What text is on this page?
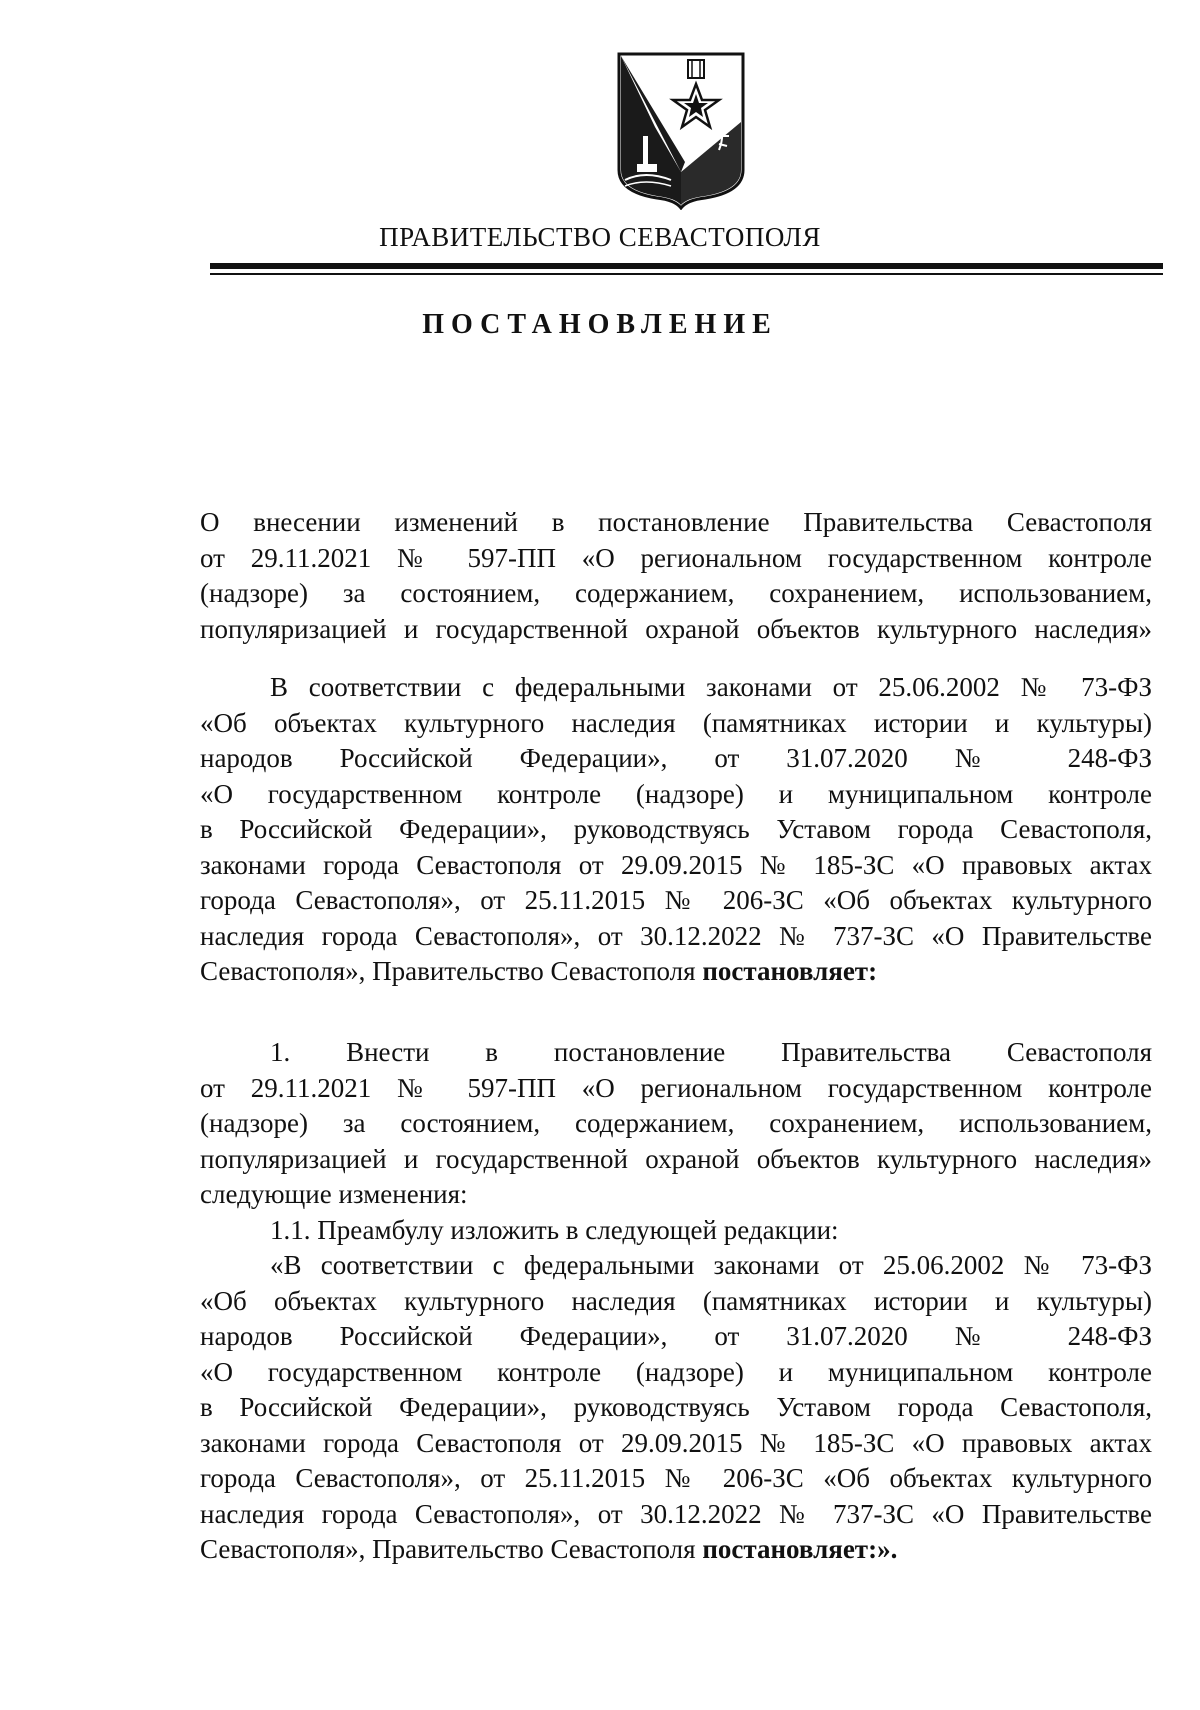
ПРАВИТЕЛЬСТВО СЕВАСТОПОЛЯ
ПОСТАНОВЛЕНИЕ
О внесении изменений в постановление Правительства Севастополя
от 29.11.2021 № 597-ПП «О региональном государственном контроле
(надзоре) за состоянием, содержанием, сохранением, использованием,
популяризацией и государственной охраной объектов культурного наследия»
В соответствии с федеральными законами от 25.06.2002 № 73-ФЗ
«Об объектах культурного наследия (памятниках истории и культуры)
народов Российской Федерации», от 31.07.2020 № 248-ФЗ
«О государственном контроле (надзоре) и муниципальном контроле
в Российской Федерации», руководствуясь Уставом города Севастополя,
законами города Севастополя от 29.09.2015 № 185-ЗС «О правовых актах
города Севастополя», от 25.11.2015 № 206-ЗС «Об объектах культурного
наследия города Севастополя», от 30.12.2022 № 737-ЗС «О Правительстве
Севастополя», Правительство Севастополя постановляет:
1. Внести в постановление Правительства Севастополя
от 29.11.2021 № 597-ПП «О региональном государственном контроле
(надзоре) за состоянием, содержанием, сохранением, использованием,
популяризацией и государственной охраной объектов культурного наследия»
следующие изменения:
1.1. Преамбулу изложить в следующей редакции:
«В соответствии с федеральными законами от 25.06.2002 № 73-ФЗ
«Об объектах культурного наследия (памятниках истории и культуры)
народов Российской Федерации», от 31.07.2020 № 248-ФЗ
«О государственном контроле (надзоре) и муниципальном контроле
в Российской Федерации», руководствуясь Уставом города Севастополя,
законами города Севастополя от 29.09.2015 № 185-ЗС «О правовых актах
города Севастополя», от 25.11.2015 № 206-ЗС «Об объектах культурного
наследия города Севастополя», от 30.12.2022 № 737-ЗС «О Правительстве
Севастополя», Правительство Севастополя постановляет:».
